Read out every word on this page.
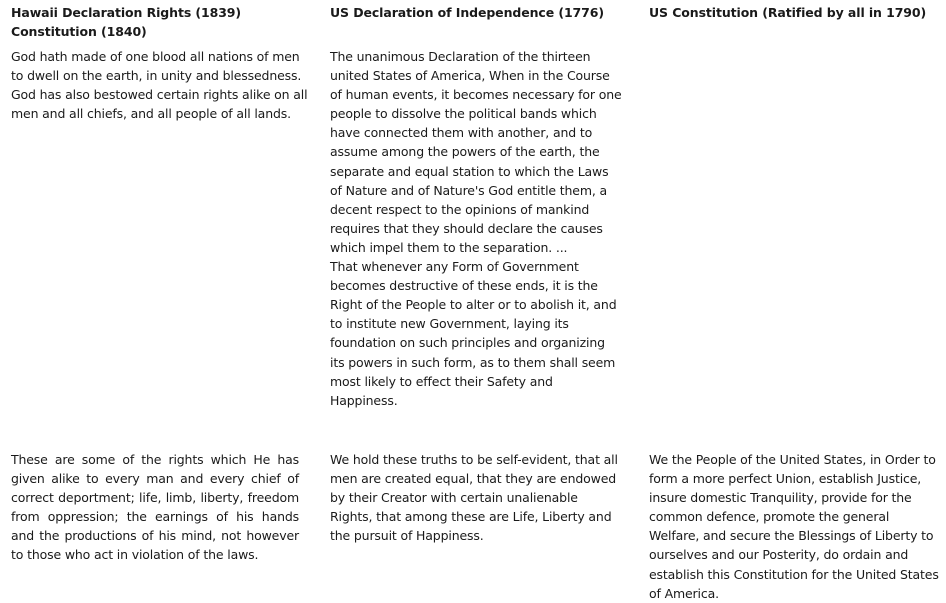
Hawaii Declaration Rights (1839)
Constitution (1840)

God hath made of one blood all nations of men to dwell on the earth, in unity and blessedness. God has also bestowed certain rights alike on all men and all chiefs, and all people of all lands.

These are some of the rights which He has given alike to every man and every chief of correct deportment; life, limb, liberty, freedom from oppression; the earnings of his hands and the productions of his mind, not however to those who act in violation of the laws.

US Declaration of Independence (1776)
The unanimous Declaration of the thirteen united States of America, When in the Course of human events, it becomes necessary for one people to dissolve the political bands which have connected them with another, and to assume among the powers of the earth, the separate and equal station to which the Laws of Nature and of Nature's God entitle them, a decent respect to the opinions of mankind requires that they should declare the causes which impel them to the separation. ...
That whenever any Form of Government becomes destructive of these ends, it is the Right of the People to alter or to abolish it, and to institute new Government, laying its foundation on such principles and organizing its powers in such form, as to them shall seem most likely to effect their Safety and Happiness.

We hold these truths to be self-evident, that all men are created equal, that they are endowed by their Creator with certain unalienable Rights, that among these are Life, Liberty and the pursuit of Happiness.

US Constitution (Ratified by all in 1790)

We the People of the United States, in Order to form a more perfect Union, establish Justice, insure domestic Tranquility, provide for the common defence, promote the general Welfare, and secure the Blessings of Liberty to ourselves and our Posterity, do ordain and establish this Constitution for the United States of America.
